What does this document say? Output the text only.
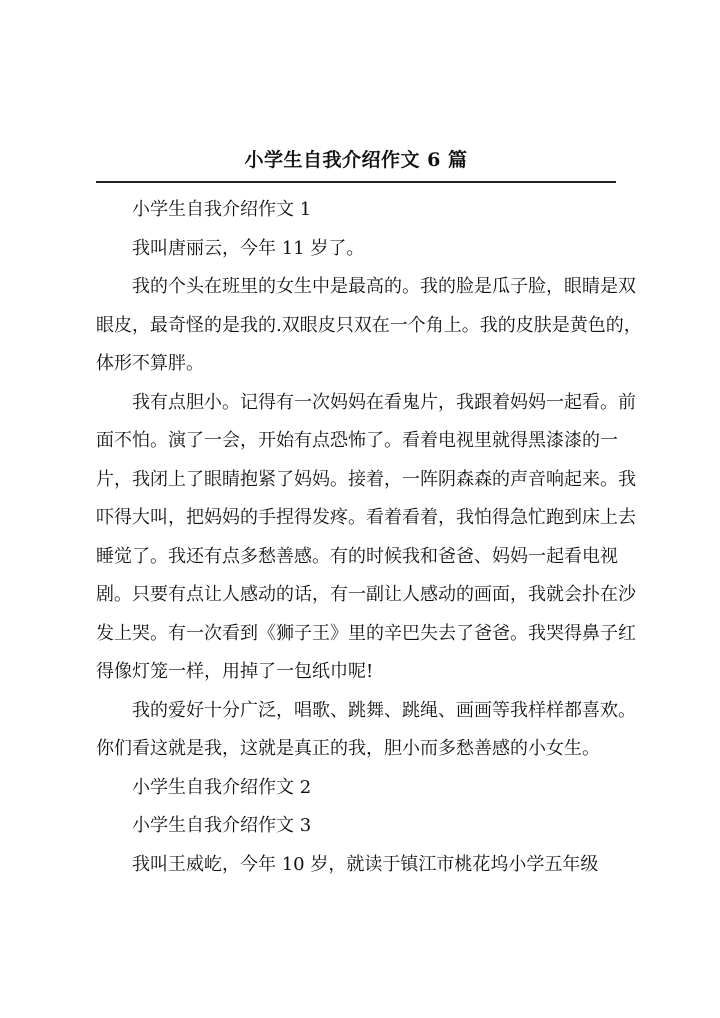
小学生自我介绍作文 6 篇

小学生自我介绍作文 1

我叫唐丽云，今年 11 岁了。

我的个头在班里的女生中是最高的。我的脸是瓜子脸，眼睛是双眼皮，最奇怪的是我的.双眼皮只双在一个角上。我的皮肤是黄色的，体形不算胖。

我有点胆小。记得有一次妈妈在看鬼片，我跟着妈妈一起看。前面不怕。演了一会，开始有点恐怖了。看着电视里就得黑漆漆的一片，我闭上了眼睛抱紧了妈妈。接着，一阵阴森森的声音响起来。我吓得大叫，把妈妈的手捏得发疼。看着看着，我怕得急忙跑到床上去睡觉了。我还有点多愁善感。有的时候我和爸爸、妈妈一起看电视剧。只要有点让人感动的话，有一副让人感动的画面，我就会扑在沙发上哭。有一次看到《狮子王》里的辛巴失去了爸爸。我哭得鼻子红得像灯笼一样，用掉了一包纸巾呢!

我的爱好十分广泛，唱歌、跳舞、跳绳、画画等我样样都喜欢。你们看这就是我，这就是真正的我，胆小而多愁善感的小女生。

小学生自我介绍作文 2

小学生自我介绍作文 3

我叫王威屹，今年 10 岁，就读于镇江市桃花坞小学五年级
